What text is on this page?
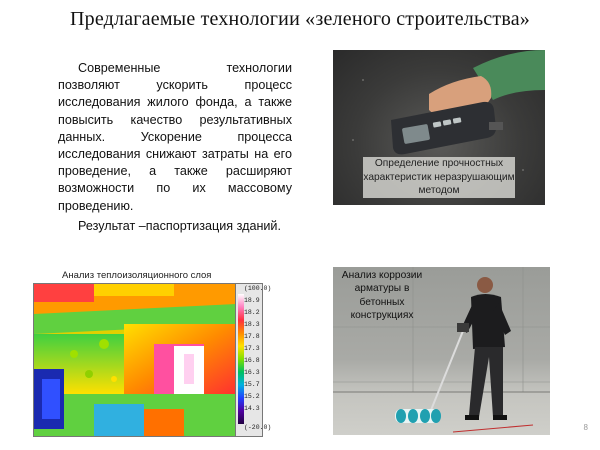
Предлагаемые технологии «зеленого строительства»

Современные технологии позволяют ускорить процесс исследования жилого фонда, а также повысить качество результативных данных. Ускорение процесса исследования снижают затраты на его проведение, а также расширяют возможности по их массовому проведению.

Результат –паспортизация зданий.

Определение прочностных характеристик неразрушающим методом
Анализ теплоизоляционного слоя
(100.0)
18.9
18.2
18.3
17.8
17.3
16.8
16.3
15.7
15.2
14.3
(-20.0)
Анализ коррозии арматуры в бетонных конструкциях
8
